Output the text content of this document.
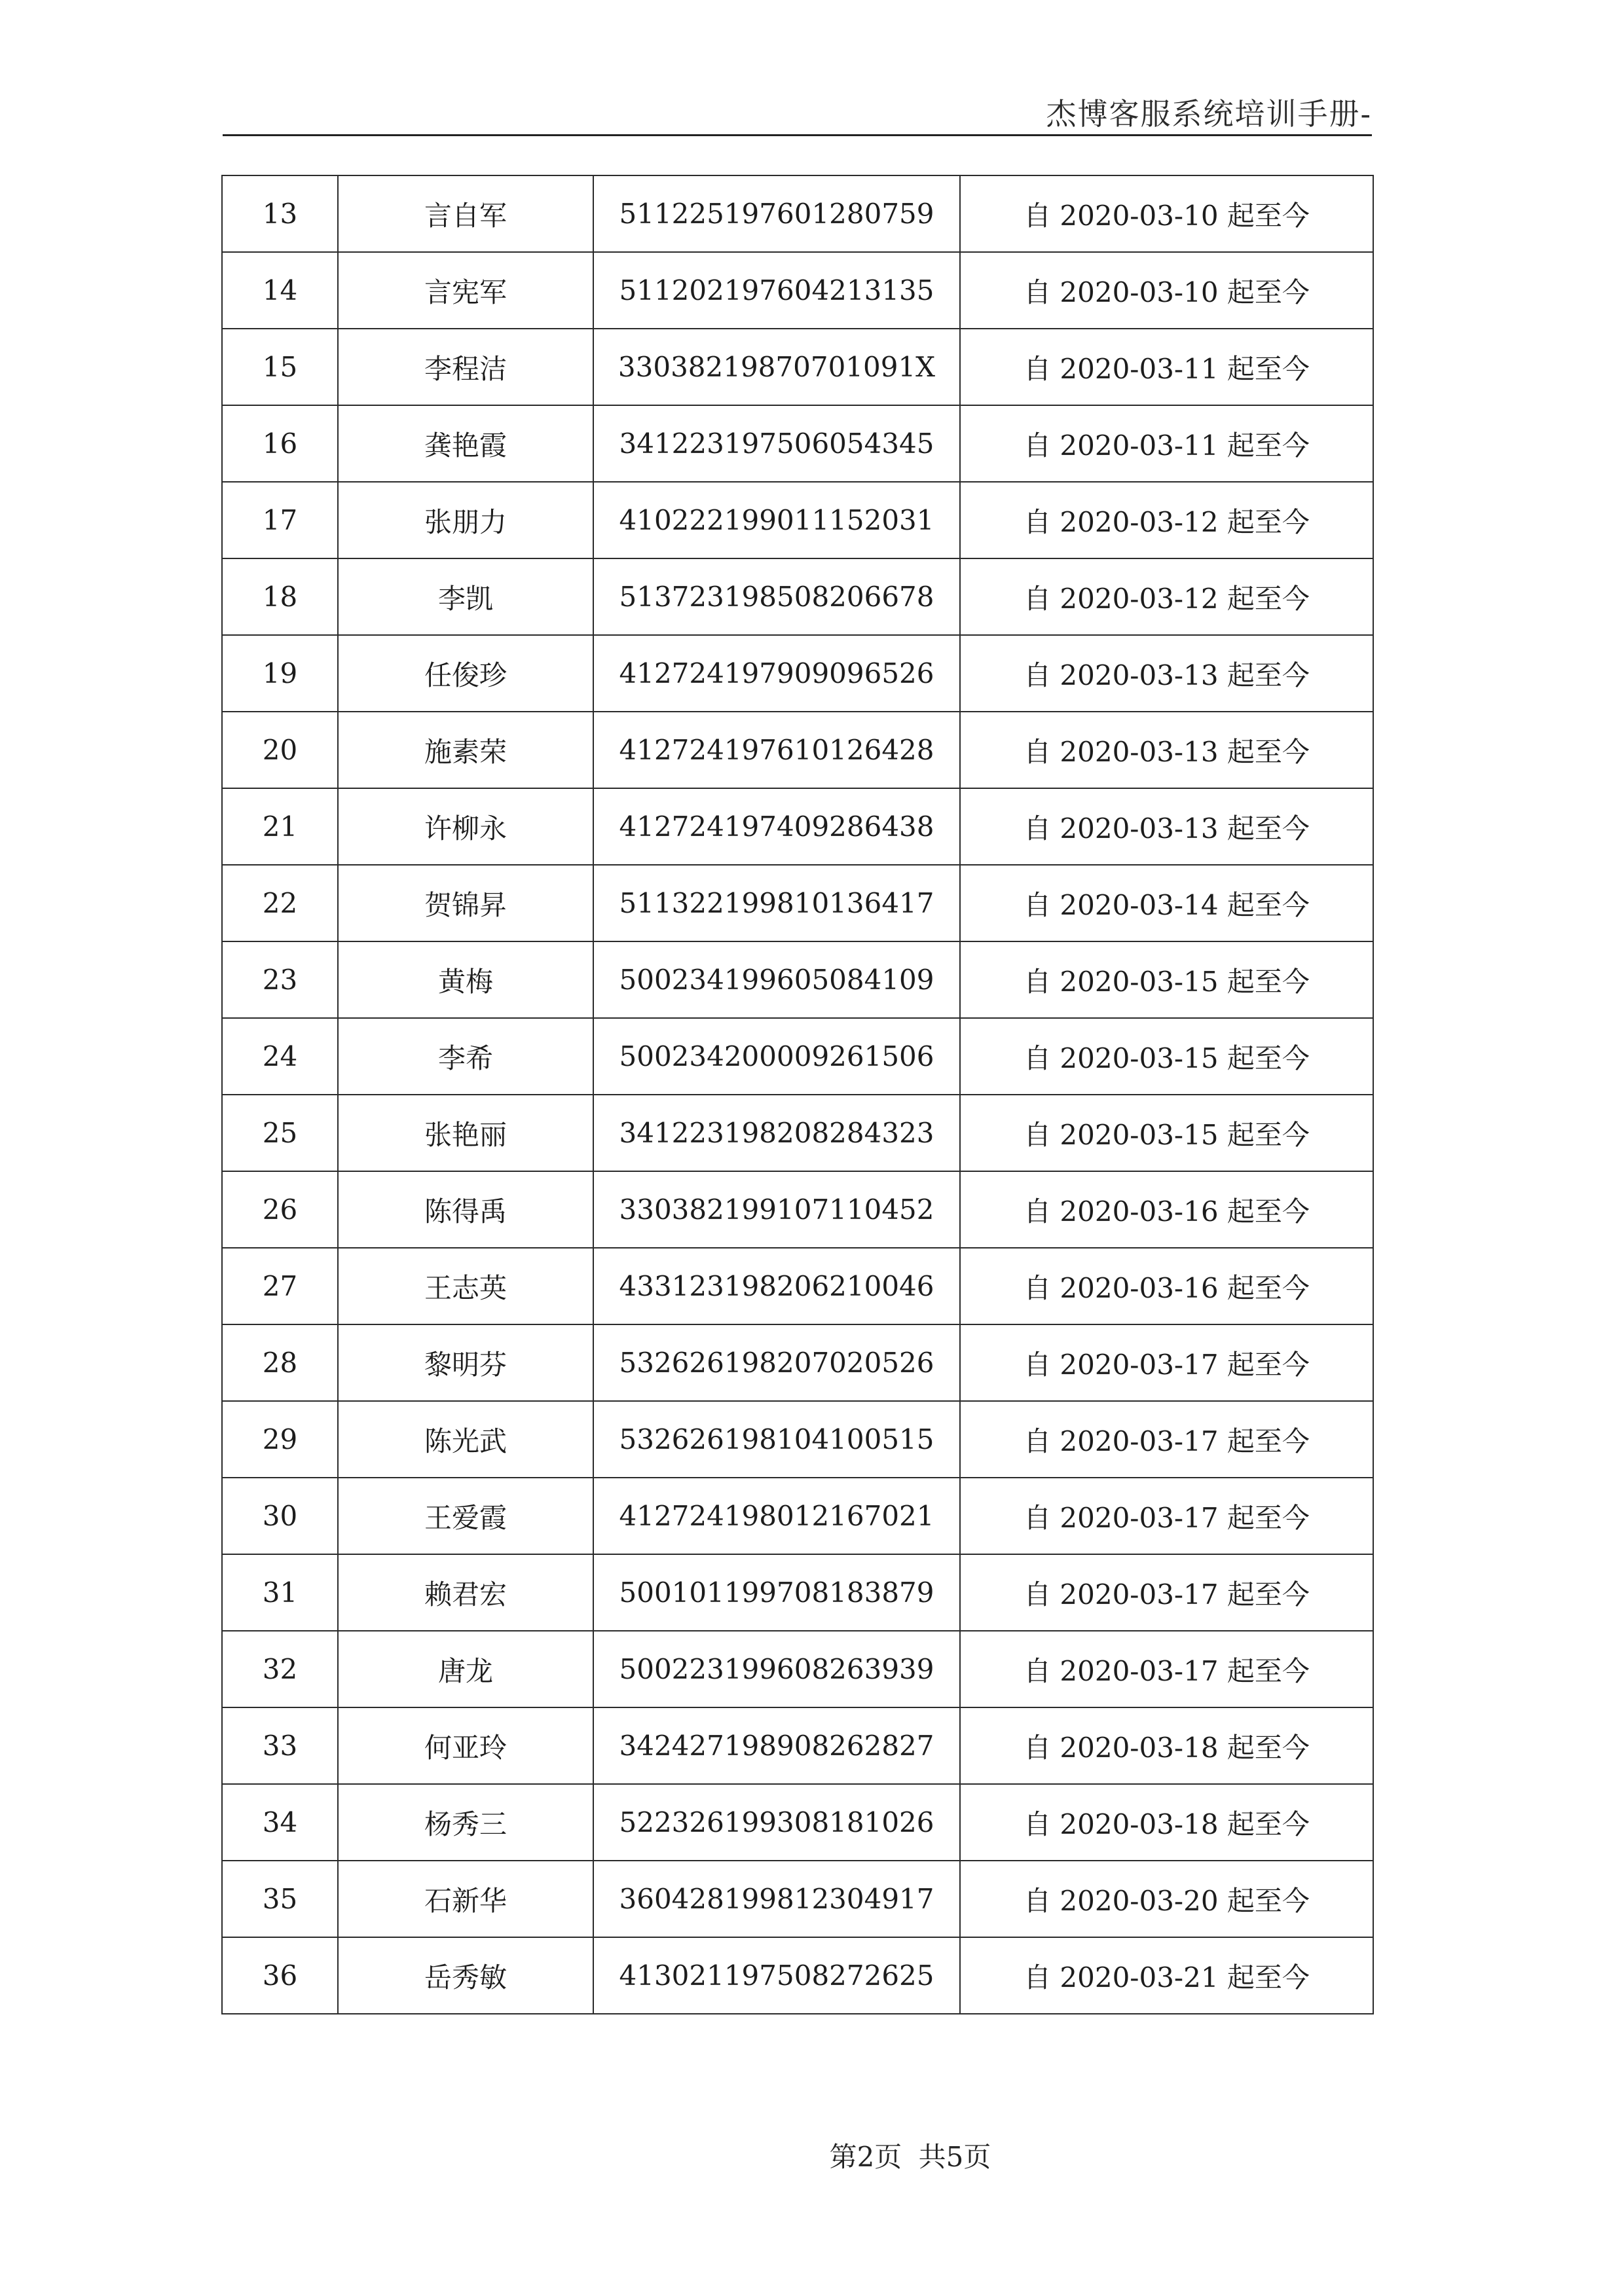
杰博客服系统培训手册-
13	言自军	511225197601280759	自 2020-03-10 起至今
14	言宪军	511202197604213135	自 2020-03-10 起至今
15	李程洁	33038219870701091X	自 2020-03-11 起至今
16	龚艳霞	341223197506054345	自 2020-03-11 起至今
17	张朋力	410222199011152031	自 2020-03-12 起至今
18	李凯	513723198508206678	自 2020-03-12 起至今
19	任俊珍	412724197909096526	自 2020-03-13 起至今
20	施素荣	412724197610126428	自 2020-03-13 起至今
21	许柳永	412724197409286438	自 2020-03-13 起至今
22	贺锦昇	511322199810136417	自 2020-03-14 起至今
23	黄梅	500234199605084109	自 2020-03-15 起至今
24	李希	500234200009261506	自 2020-03-15 起至今
25	张艳丽	341223198208284323	自 2020-03-15 起至今
26	陈得禹	330382199107110452	自 2020-03-16 起至今
27	王志英	433123198206210046	自 2020-03-16 起至今
28	黎明芬	532626198207020526	自 2020-03-17 起至今
29	陈光武	532626198104100515	自 2020-03-17 起至今
30	王爱霞	412724198012167021	自 2020-03-17 起至今
31	赖君宏	500101199708183879	自 2020-03-17 起至今
32	唐龙	500223199608263939	自 2020-03-17 起至今
33	何亚玲	342427198908262827	自 2020-03-18 起至今
34	杨秀三	522326199308181026	自 2020-03-18 起至今
35	石新华	360428199812304917	自 2020-03-20 起至今
36	岳秀敏	413021197508272625	自 2020-03-21 起至今
第2页 共5页
